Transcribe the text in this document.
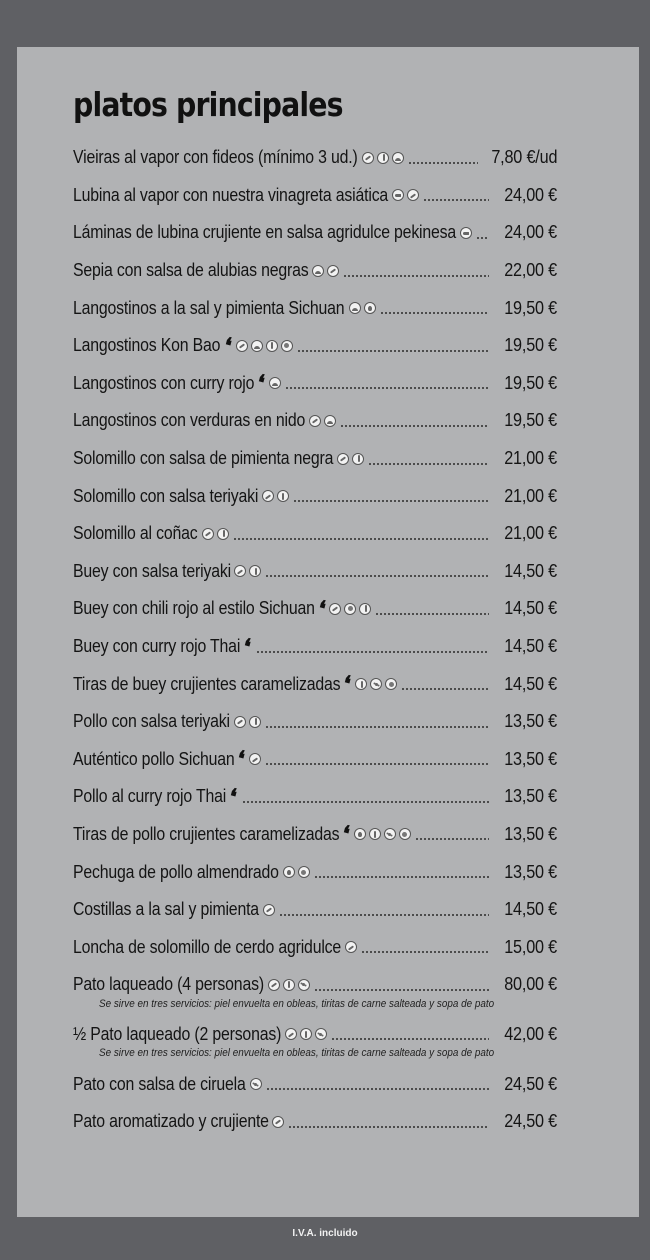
platos principales
Vieiras al vapor con fideos (mínimo 3 ud.)	7,80 €/ud
Lubina al vapor con nuestra vinagreta asiática	24,00 €
Láminas de lubina crujiente en salsa agridulce pekinesa	24,00 €
Sepia con salsa de alubias negras	22,00 €
Langostinos a la sal y pimienta Sichuan	19,50 €
Langostinos Kon Bao ❛	19,50 €
Langostinos con curry rojo ❛	19,50 €
Langostinos con verduras en nido	19,50 €
Solomillo con salsa de pimienta negra	21,00 €
Solomillo con salsa teriyaki	21,00 €
Solomillo al coñac	21,00 €
Buey con salsa teriyaki	14,50 €
Buey con chili rojo al estilo Sichuan ❛	14,50 €
Buey con curry rojo Thai ❛	14,50 €
Tiras de buey crujientes caramelizadas ❛	14,50 €
Pollo con salsa teriyaki	13,50 €
Auténtico pollo Sichuan ❛	13,50 €
Pollo al curry rojo Thai ❛	13,50 €
Tiras de pollo crujientes caramelizadas ❛	13,50 €
Pechuga de pollo almendrado	13,50 €
Costillas a la sal y pimienta	14,50 €
Loncha de solomillo de cerdo agridulce	15,00 €
Pato laqueado (4 personas)	80,00 €
Se sirve en tres servicios: piel envuelta en obleas, tiritas de carne salteada y sopa de pato
½ Pato laqueado (2 personas)	42,00 €
Se sirve en tres servicios: piel envuelta en obleas, tiritas de carne salteada y sopa de pato
Pato con salsa de ciruela	24,50 €
Pato aromatizado y crujiente	24,50 €
I.V.A. incluido
